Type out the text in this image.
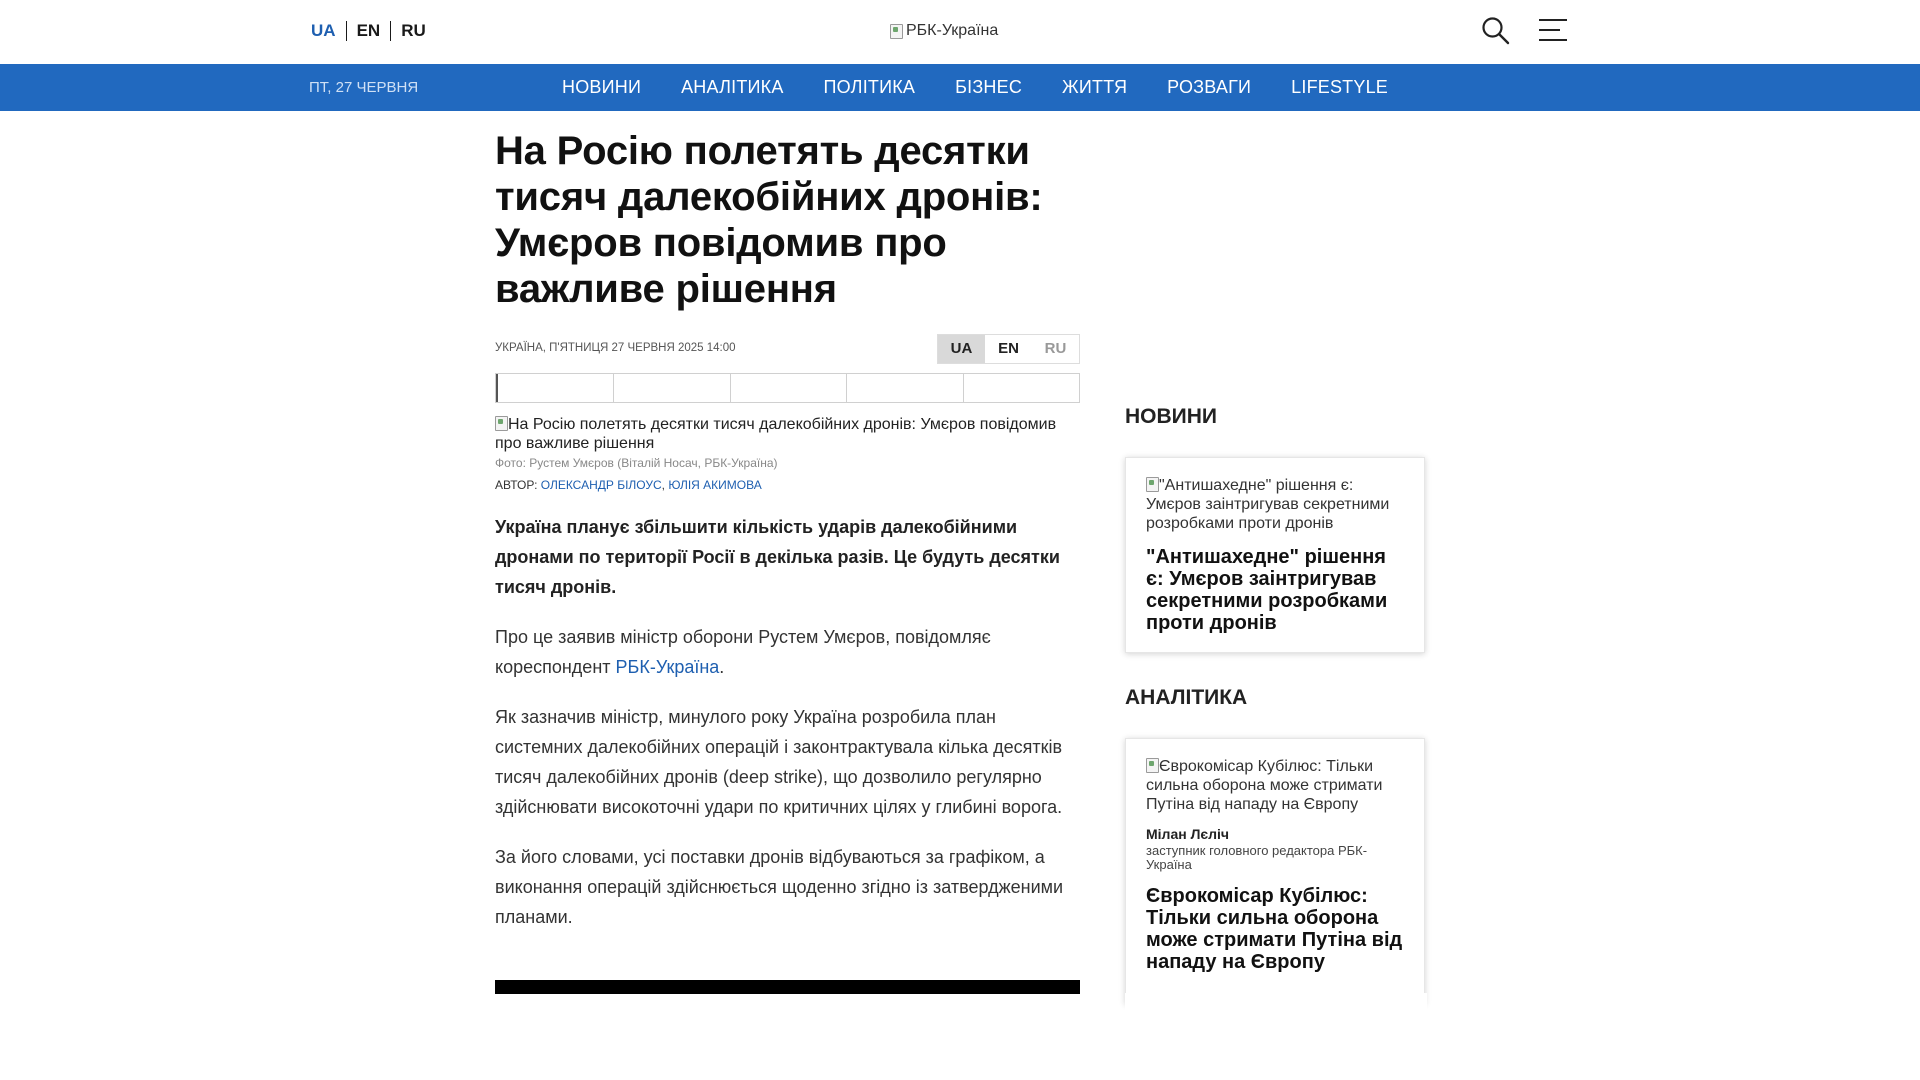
UA	EN	RU	РБК-Україна
ПТ, 27 ЧЕРВНЯ	НОВИНИ АНАЛІТИКА ПОЛІТИКА БІЗНЕС ЖИТТЯ РОЗВАГИ LIFESTYLE
На Росію полетять десятки тисяч далекобійних дронів: Умєров повідомив про важливе рішення
УКРАЇНА, П'ЯТНИЦЯ 27 ЧЕРВНЯ 2025 14:00	UA	EN	RU
На Росію полетять десятки тисяч далекобійних дронів: Умєров повідомив про важливе рішення
Фото: Рустем Умєров (Віталій Носач, РБК-Україна)
АВТОР: ОЛЕКСАНДР БІЛОУС, ЮЛІЯ АКИМОВА

Україна планує збільшити кількість ударів далекобійними дронами по території Росії в декілька разів. Це будуть десятки тисяч дронів.

Про це заявив міністр оборони Рустем Умєров, повідомляє кореспондент РБК-Україна.

Як зазначив міністр, минулого року Україна розробила план системних далекобійних операцій і законтрактувала кілька десятків тисяч далекобійних дронів (deep strike), що дозволило регулярно здійснювати високоточні удари по критичних цілях у глибині ворога.

За його словами, усі поставки дронів відбуваються за графіком, а виконання операцій здійснюється щоденно згідно із затвердженими планами.

НОВИНИ
"Антишахедне" рішення є: Умєров заінтригував секретними розробками проти дронів
"Антишахедне" рішення є: Умєров заінтригував секретними розробками проти дронів
АНАЛІТИКА
Єврокомісар Кубілюс: Тільки сильна оборона може стримати Путіна від нападу на Європу
Мілан Лєліч
заступник головного редактора РБК-Україна
Єврокомісар Кубілюс: Тільки сильна оборона може стримати Путіна від нападу на Європу
